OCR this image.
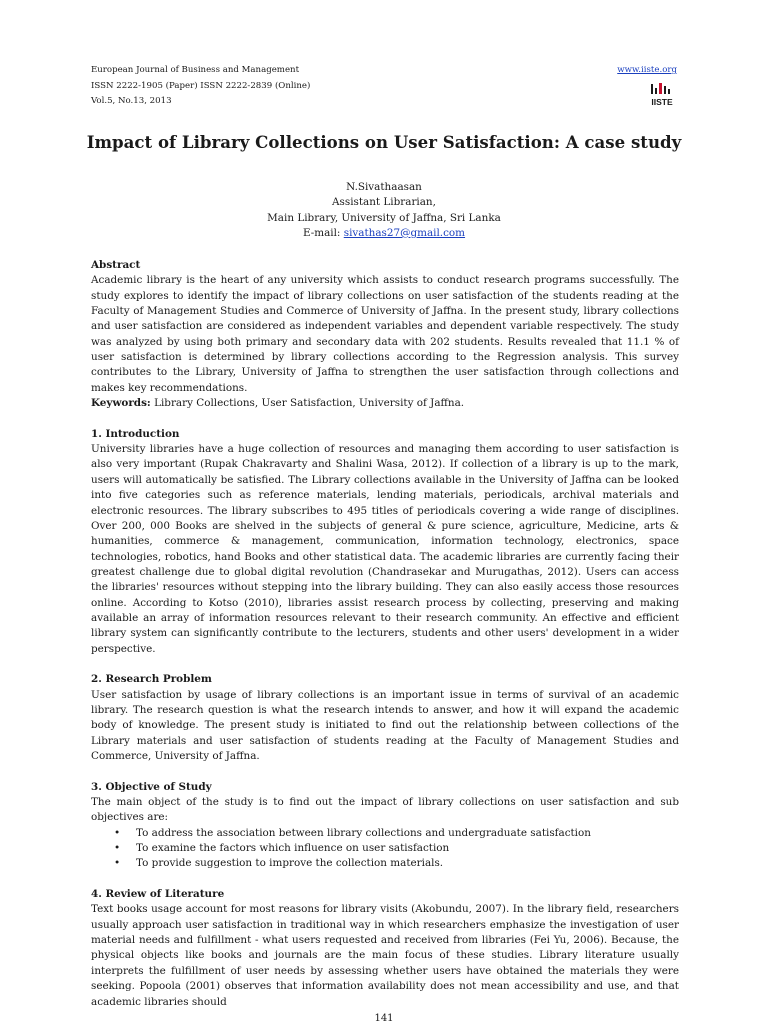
European Journal of Business and Management
ISSN 2222-1905 (Paper) ISSN 2222-2839 (Online)
Vol.5, No.13, 2013
www.iiste.org
IISTE
Impact of Library Collections on User Satisfaction: A case study
N.Sivathaasan
Assistant Librarian,
Main Library, University of Jaffna, Sri Lanka
E-mail: sivathas27@gmail.com
Abstract

Academic library is the heart of any university which assists to conduct research programs successfully. The study explores to identify the impact of library collections on user satisfaction of the students reading at the Faculty of Management Studies and Commerce of University of Jaffna. In the present study, library collections and user satisfaction are considered as independent variables and dependent variable respectively. The study was analyzed by using both primary and secondary data with 202 students. Results revealed that 11.1 % of user satisfaction is determined by library collections according to the Regression analysis. This survey contributes to the Library, University of Jaffna to strengthen the user satisfaction through collections and makes key recommendations.

Keywords: Library Collections, User Satisfaction, University of Jaffna.

1. Introduction

University libraries have a huge collection of resources and managing them according to user satisfaction is also very important (Rupak Chakravarty and Shalini Wasa, 2012). If collection of a library is up to the mark, users will automatically be satisfied. The Library collections available in the University of Jaffna can be looked into five categories such as reference materials, lending materials, periodicals, archival materials and electronic resources. The library subscribes to 495 titles of periodicals covering a wide range of disciplines. Over 200, 000 Books are shelved in the subjects of general & pure science, agriculture, Medicine, arts & humanities, commerce & management, communication, information technology, electronics, space technologies, robotics, hand Books and other statistical data. The academic libraries are currently facing their greatest challenge due to global digital revolution (Chandrasekar and Murugathas, 2012). Users can access the libraries' resources without stepping into the library building. They can also easily access those resources online. According to Kotso (2010), libraries assist research process by collecting, preserving and making available an array of information resources relevant to their research community. An effective and efficient library system can significantly contribute to the lecturers, students and other users' development in a wider perspective.

2. Research Problem

User satisfaction by usage of library collections is an important issue in terms of survival of an academic library. The research question is what the research intends to answer, and how it will expand the academic body of knowledge. The present study is initiated to find out the relationship between collections of the Library materials and user satisfaction of students reading at the Faculty of Management Studies and Commerce, University of Jaffna.

3. Objective of Study

The main object of the study is to find out the impact of library collections on user satisfaction and sub objectives are:

• To address the association between library collections and undergraduate satisfaction
• To examine the factors which influence on user satisfaction
• To provide suggestion to improve the collection materials.
4. Review of Literature

Text books usage account for most reasons for library visits (Akobundu, 2007). In the library field, researchers usually approach user satisfaction in traditional way in which researchers emphasize the investigation of user material needs and fulfillment - what users requested and received from libraries (Fei Yu, 2006). Because, the physical objects like books and journals are the main focus of these studies. Library literature usually interprets the fulfillment of user needs by assessing whether users have obtained the materials they were seeking. Popoola (2001) observes that information availability does not mean accessibility and use, and that academic libraries should

141
